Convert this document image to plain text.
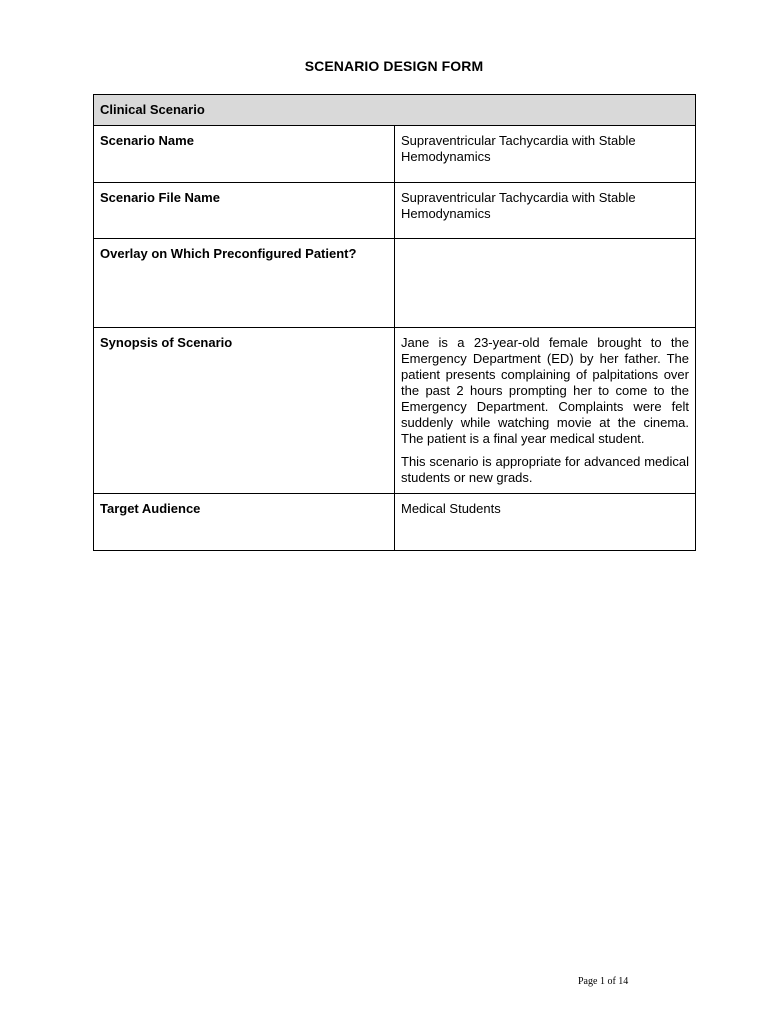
SCENARIO DESIGN FORM
Clinical Scenario	
Scenario Name	Supraventricular Tachycardia with Stable Hemodynamics
Scenario File Name	Supraventricular Tachycardia with Stable Hemodynamics
Overlay on Which Preconfigured Patient?	
Synopsis of Scenario	Jane is a 23-year-old female brought to the Emergency Department (ED) by her father. The patient presents complaining of palpitations over the past 2 hours prompting her to come to the Emergency Department. Complaints were felt suddenly while watching movie at the cinema. The patient is a final year medical student.

This scenario is appropriate for advanced medical students or new grads.

Target Audience	Medical Students
Page 1 of 14
